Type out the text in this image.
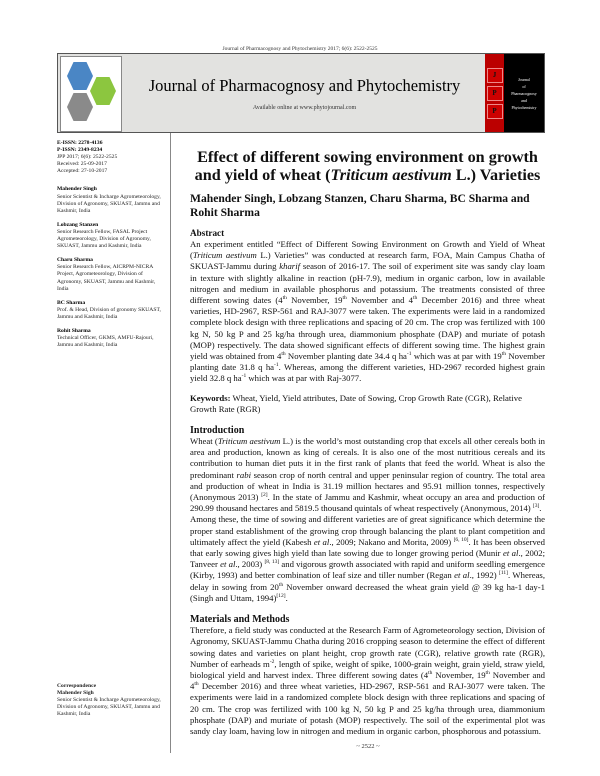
Journal of Pharmacognosy and Phytochemistry 2017; 6(6): 2522-2525
Journal of Pharmacognosy and Phytochemistry
Available online at www.phytojournal.com
J
P
P
Journal
of
Pharmacognosy
and
Phytochemistry
E-ISSN: 2278-4136
P-ISSN: 2349-8234
JPP 2017; 6(6): 2522-2525
Received: 25-09-2017
Accepted: 27-10-2017
Mahender Singh
Senior Scientist & Incharge Agrometeorology, Division of Agronomy, SKUAST, Jammu and Kashmir, India
Lobzang Stanzen
Senior Research Fellow, FASAL Project Agrometeorology, Division of Agronomy, SKUAST, Jammu and Kashmir, India
Charu Sharma
Senior Research Fellow, AICRPM-NICRA Project, Agrometeorology, Division of Agronomy, SKUAST, Jammu and Kashmir, India
BC Sharma
Prof. & Head, Division of gronomy SKUAST, Jammu and Kashmir, India
Rohit Sharma
Technical Officer, GKMS, AMFU-Rajouri, Jammu and Kashmir, India
Correspondence
Mahender Sigh
Senior Scientist & Incharge Agrometeorology, Division of Agronomy, SKUAST, Jammu and Kashmir, India
Effect of different sowing environment on growth and yield of wheat (Triticum aestivum L.) Varieties
Mahender Singh, Lobzang Stanzen, Charu Sharma, BC Sharma and Rohit Sharma
Abstract

An experiment entitled “Effect of Different Sowing Environment on Growth and Yield of Wheat (Triticum aestivum L.) Varieties” was conducted at research farm, FOA, Main Campus Chatha of SKUAST-Jammu during kharif season of 2016-17. The soil of experiment site was sandy clay loam in texture with slightly alkaline in reaction (pH-7.9), medium in organic carbon, low in available nitrogen and medium in available phosphorus and potassium. The treatments consisted of three different sowing dates (4th November, 19th November and 4th December 2016) and three wheat varieties, HD-2967, RSP-561 and RAJ-3077 were taken. The experiments were laid in a randomized complete block design with three replications and spacing of 20 cm. The crop was fertilized with 100 kg N, 50 kg P and 25 kg/ha through urea, diammonium phosphate (DAP) and muriate of potash (MOP) respectively. The data showed significant effects of different sowing time. The highest grain yield was obtained from 4th November planting date 34.4 q $ha^{-1}$ which was at par with 19th November planting date 31.8 q $ha^{-1}$. Whereas, among the different varieties, HD-2967 recorded highest grain yield 32.8 q $ha^{-1}$ which was at par with Raj-3077.

Keywords: Wheat, Yield, Yield attributes, Date of Sowing, Crop Growth Rate (CGR), Relative Growth Rate (RGR)
Introduction

Wheat (Triticum aestivum L.) is the world’s most outstanding crop that excels all other cereals both in area and production, known as king of cereals. It is also one of the most nutritious cereals and its contribution to human diet puts it in the first rank of plants that feed the world. Wheat is also the predominant rabi season crop of north central and upper peninsular region of country. The total area and production of wheat in India is 31.19 million hectares and 95.91 million tonnes, respectively (Anonymous 2013) [2]. In the state of Jammu and Kashmir, wheat occupy an area and production of 290.99 thousand hectares and 5819.5 thousand quintals of wheat respectively (Anonymous, 2014) [3].

Among these, the time of sowing and different varieties are of great significance which determine the proper stand establishment of the growing crop through balancing the plant to plant competition and ultimately affect the yield (Kabesh et al., 2009; Nakano and Morita, 2009) [6, 10]. It has been observed that early sowing gives high yield than late sowing due to longer growing period (Munir et al., 2002; Tanveer et al., 2003) [8, 13] and vigorous growth associated with rapid and uniform seedling emergence (Kirby, 1993) and better combination of leaf size and tiller number (Regan et al., 1992) [11]. Whereas, delay in sowing from 20th November onward decreased the wheat grain yield @ 39 kg ha-1 day-1 (Singh and Uttam, 1994)[12].

Materials and Methods

Therefore, a field study was conducted at the Research Farm of Agrometeorology section, Division of Agronomy, SKUAST-Jammu Chatha during 2016 cropping season to determine the effect of different sowing dates and varieties on plant height, crop growth rate (CGR), relative growth rate (RGR), Number of earheads $m^{-2}$, length of spike, weight of spike, 1000-grain weight, grain yield, straw yield, biological yield and harvest index. Three different sowing dates (4th November, 19th November and 4th December 2016) and three wheat varieties, HD-2967, RSP-561 and RAJ-3077 were taken. The experiments were laid in a randomized complete block design with three replications and spacing of 20 cm. The crop was fertilized with 100 kg N, 50 kg P and 25 kg/ha through urea, diammonium phosphate (DAP) and muriate of potash (MOP) respectively. The soil of the experimental plot was sandy clay loam, having low in nitrogen and medium in organic carbon, phosphorous and potassium.

~ 2522 ~
